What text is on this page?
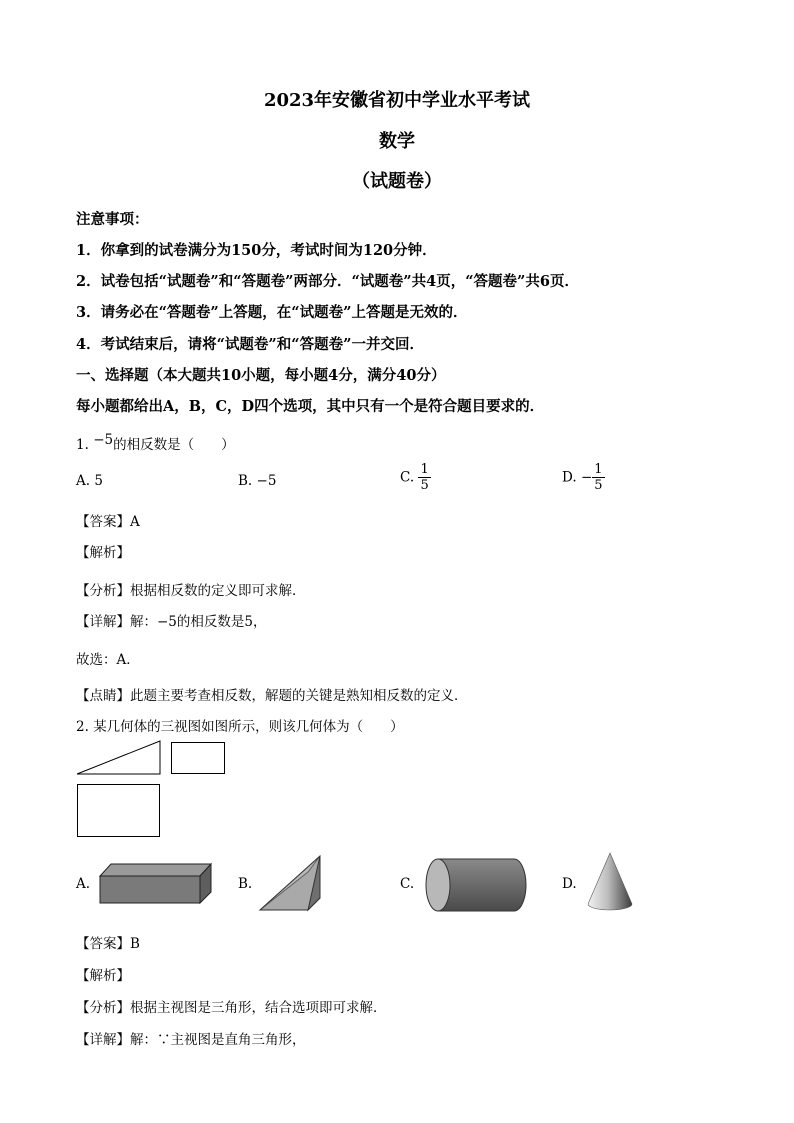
2023年安徽省初中学业水平考试
数学
（试题卷）
注意事项：
1．你拿到的试卷满分为150分，考试时间为120分钟．
2．试卷包括“试题卷”和“答题卷”两部分．“试题卷”共4页，“答题卷”共6页．
3．请务必在“答题卷”上答题，在“试题卷”上答题是无效的．
4．考试结束后，请将“试题卷”和“答题卷”一并交回．
一、选择题（本大题共10小题，每小题4分，满分40分）
每小题都给出A，B，C，D四个选项，其中只有一个是符合题目要求的．
1. −5的相反数是（　　）
A. 5	B. −5	C. $\frac{1}{5}$	D. − $\frac{1}{5}$
【答案】A
【解析】
【分析】根据相反数的定义即可求解．
【详解】解：−5的相反数是5，
故选：A．
【点睛】此题主要考查相反数，解题的关键是熟知相反数的定义．
2. 某几何体的三视图如图所示，则该几何体为（　　）
A.	B.	C.	D.
【答案】B
【解析】
【分析】根据主视图是三角形，结合选项即可求解．
【详解】解：∵主视图是直角三角形，
